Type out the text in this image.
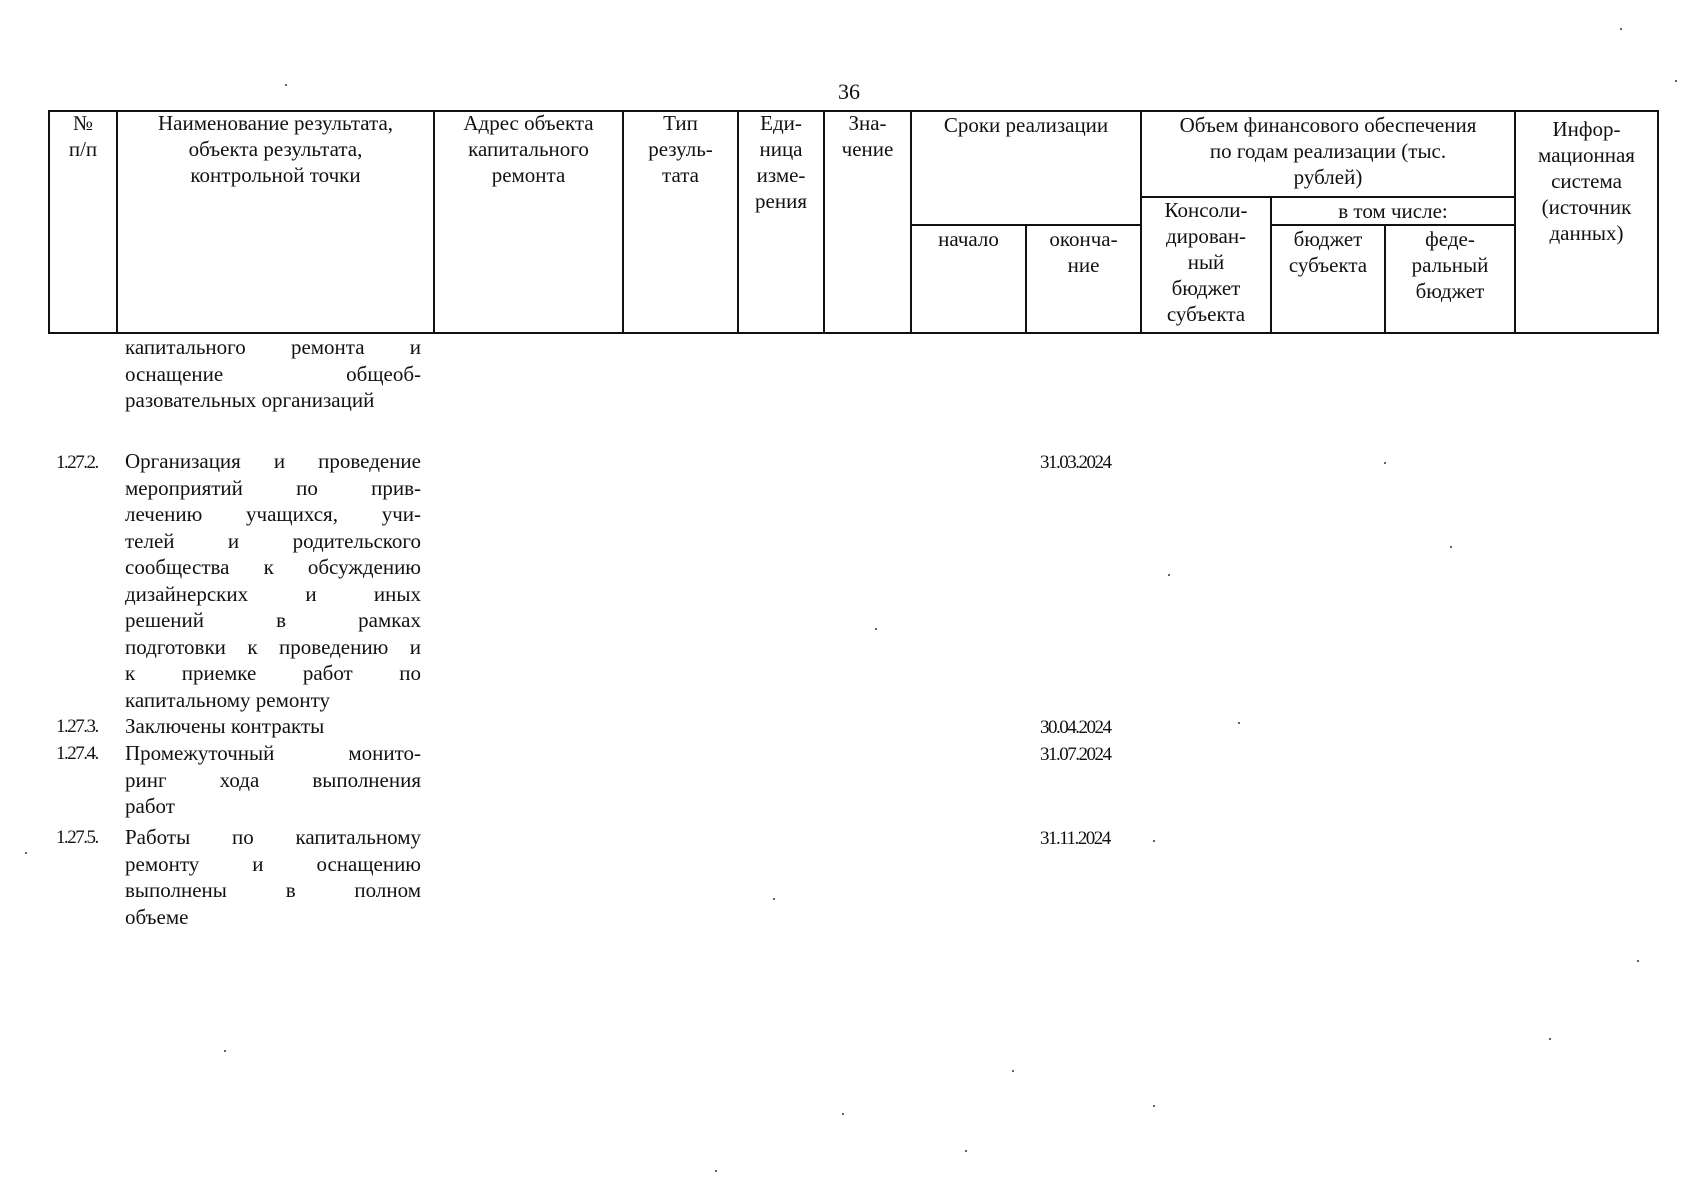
36
№
п/п
Наименование результата,
объекта результата,
контрольной точки
Адрес объекта
капитального
ремонта
Тип
резуль-
тата
Еди-
ница
изме-
рения
Зна-
чение
Сроки реализации
начало	оконча-
ние
Объем финансового обеспечения
по годам реализации (тыс.
рублей)
Консоли-
дирован-
ный
бюджет
субъекта
в том числе:
бюджет
субъекта
феде-
ральный
бюджет
Инфор-
мационная
система
(источник
данных)
капитального ремонта и
оснащение общеоб-
разовательных организаций
1.27.2. Организация и проведение
мероприятий по прив-
лечению учащихся, учи-
телей и родительского
сообщества к обсуждению
дизайнерских и иных
решений в рамках
подготовки к проведению и
к приемке работ по
капитальному ремонту
31.03.2024
1.27.3. Заключены контракты	30.04.2024
1.27.4. Промежуточный монито-
ринг хода выполнения
работ
31.07.2024
1.27.5. Работы по капитальному
ремонту и оснащению
выполнены в полном
объеме
31.11.2024
